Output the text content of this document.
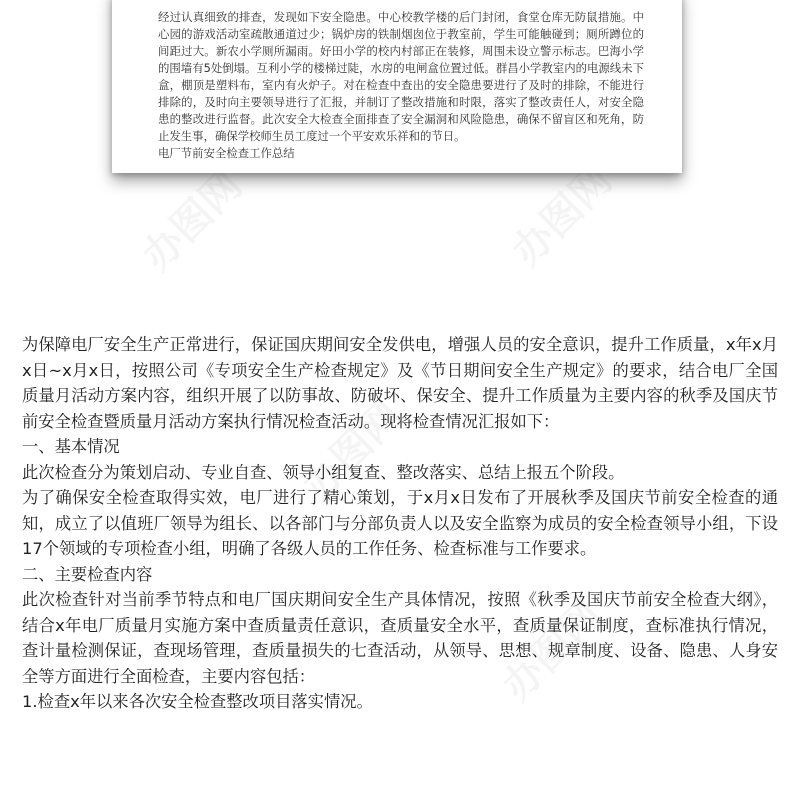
办图网	办图网
办图网
办图网

经过认真细致的排查，发现如下安全隐患。中心校教学楼的后门封闭，食堂仓库无防鼠措施。中心园的游戏活动室疏散通道过少；锅炉房的铁制烟囱位于教室前，学生可能触碰到；厕所蹲位的间距过大。新农小学厕所漏雨。好田小学的校内村部正在装修，周围未设立警示标志。巴海小学的围墙有5处倒塌。互利小学的楼梯过陡，水房的电闸盒位置过低。群昌小学教室内的电源线未下盒，棚顶是塑料布，室内有火炉子。对在检查中查出的安全隐患要进行了及时的排除，不能进行排除的，及时向主要领导进行了汇报，并制订了整改措施和时限，落实了整改责任人，对安全隐患的整改进行监督。此次安全大检查全面排查了安全漏洞和风险隐患，确保不留盲区和死角，防止发生事，确保学校师生员工度过一个平安欢乐祥和的节日。

电厂节前安全检查工作总结

为保障电厂安全生产正常进行，保证国庆期间安全发供电，增强人员的安全意识，提升工作质量，x年x月x日~x月x日，按照公司《专项安全生产检查规定》及《节日期间安全生产规定》的要求，结合电厂全国质量月活动方案内容，组织开展了以防事故、防破坏、保安全、提升工作质量为主要内容的秋季及国庆节前安全检查暨质量月活动方案执行情况检查活动。现将检查情况汇报如下：

一、基本情况

此次检查分为策划启动、专业自查、领导小组复查、整改落实、总结上报五个阶段。

为了确保安全检查取得实效，电厂进行了精心策划，于x月x日发布了开展秋季及国庆节前安全检查的通知，成立了以值班厂领导为组长、以各部门与分部负责人以及安全监察为成员的安全检查领导小组，下设17个领域的专项检查小组，明确了各级人员的工作任务、检查标准与工作要求。

二、主要检查内容

此次检查针对当前季节特点和电厂国庆期间安全生产具体情况，按照《秋季及国庆节前安全检查大纲》，结合x年电厂质量月实施方案中查质量责任意识，查质量安全水平，查质量保证制度，查标准执行情况，查计量检测保证，查现场管理，查质量损失的七查活动，从领导、思想、规章制度、设备、隐患、人身安全等方面进行全面检查，主要内容包括：

1.检查x年以来各次安全检查整改项目落实情况。
